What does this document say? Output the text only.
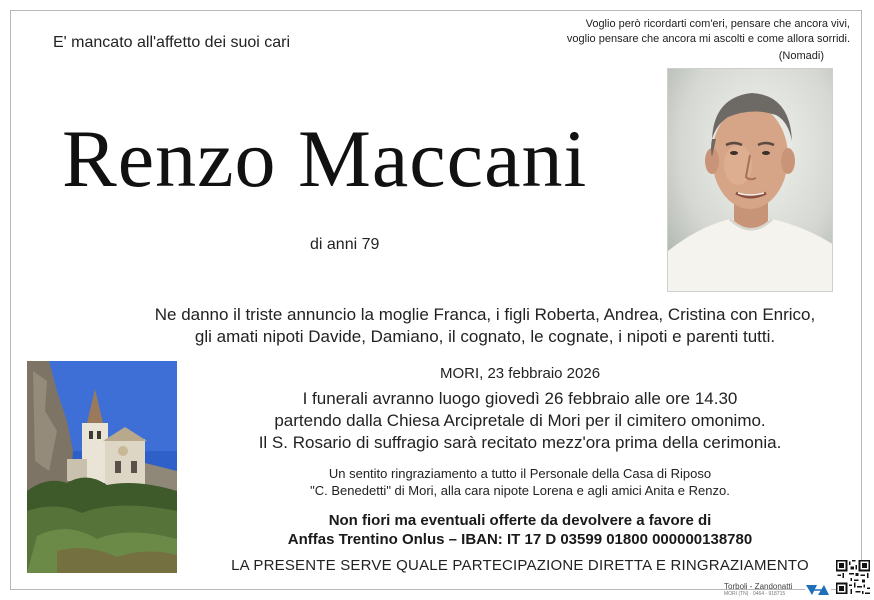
E' mancato all'affetto dei suoi cari
Voglio però ricordarti com'eri, pensare che ancora vivi,
voglio pensare che ancora mi ascolti e come allora sorridi.
(Nomadi)
Renzo Maccani
di anni 79
Ne danno il triste annuncio la moglie Franca, i figli Roberta, Andrea, Cristina con Enrico,
gli amati nipoti Davide, Damiano, il cognato, le cognate, i nipoti e parenti tutti.
MORI, 23 febbraio 2026
I funerali avranno luogo giovedì 26 febbraio alle ore 14.30
partendo dalla Chiesa Arcipretale di Mori per il cimitero omonimo.
Il S. Rosario di suffragio sarà recitato mezz'ora prima della cerimonia.
Un sentito ringraziamento a tutto il Personale della Casa di Riposo
"C. Benedetti" di Mori, alla cara nipote Lorena e agli amici Anita e Renzo.
Non fiori ma eventuali offerte da devolvere a favore di
Anffas Trentino Onlus – IBAN: IT 17 D 03599 01800 000000138780
LA PRESENTE SERVE QUALE PARTECIPAZIONE DIRETTA E RINGRAZIAMENTO
Torboli - Zandonatti
MORI (TN) · 0464 - 918715
